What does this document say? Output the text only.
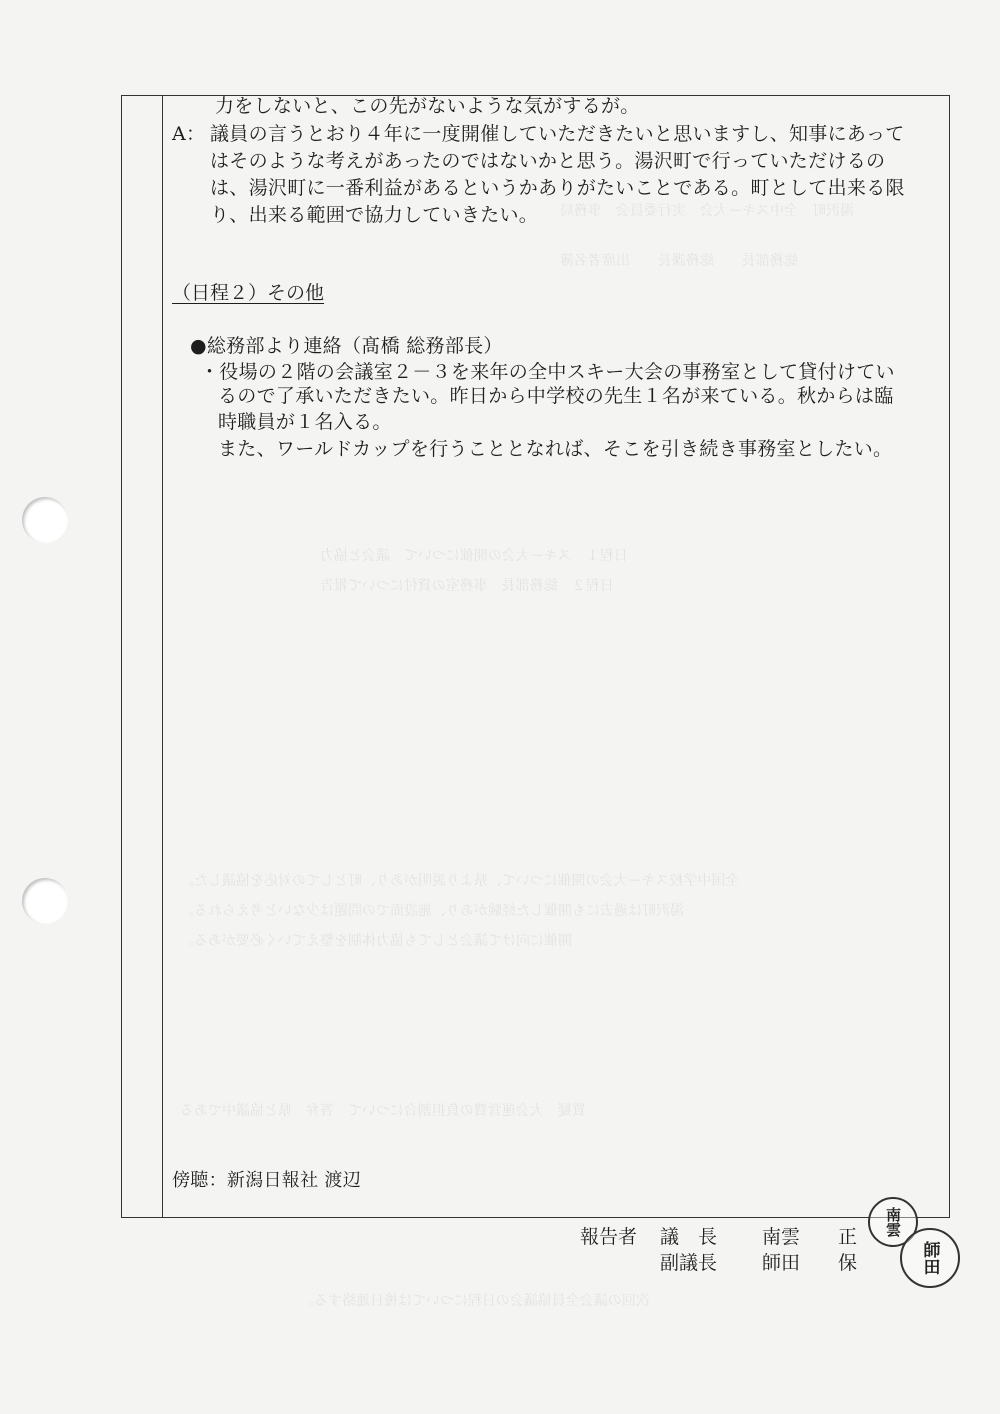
湯沢町　全中スキー大会　実行委員会　事務局
総務部長　　総務課長　　出席者名簿
日程１　スキー大会の開催について　議会と協力
日程２　総務部長　事務室の貸付について報告
全国中学校スキー大会の開催について、県より説明があり、町としての対応を協議した。
湯沢町は過去にも開催した経験があり、施設面での問題は少ないと考えられる。
開催に向けて議会としても協力体制を整えていく必要がある。
質疑　大会運営費の負担割合について　答弁　県と協議中である
次回の議会全員協議会の日程については後日連絡する。
力をしないと、この先がないような気がするが。
A： 議員の言うとおり４年に一度開催していただきたいと思いますし、知事にあって
はそのような考えがあったのではないかと思う。湯沢町で行っていただけるの
は、湯沢町に一番利益があるというかありがたいことである。町として出来る限
り、出来る範囲で協力していきたい。
（日程２）その他
●総務部より連絡（髙橋 総務部長）
・役場の２階の会議室２－３を来年の全中スキー大会の事務室として貸付けてい
るので了承いただきたい。昨日から中学校の先生１名が来ている。秋からは臨
時職員が１名入る。
また、ワールドカップを行うこととなれば、そこを引き続き事務室としたい。
傍聴：新潟日報社 渡辺
報告者 議　長 南雲　　正
副議長 師田　　保
南雲
師田
